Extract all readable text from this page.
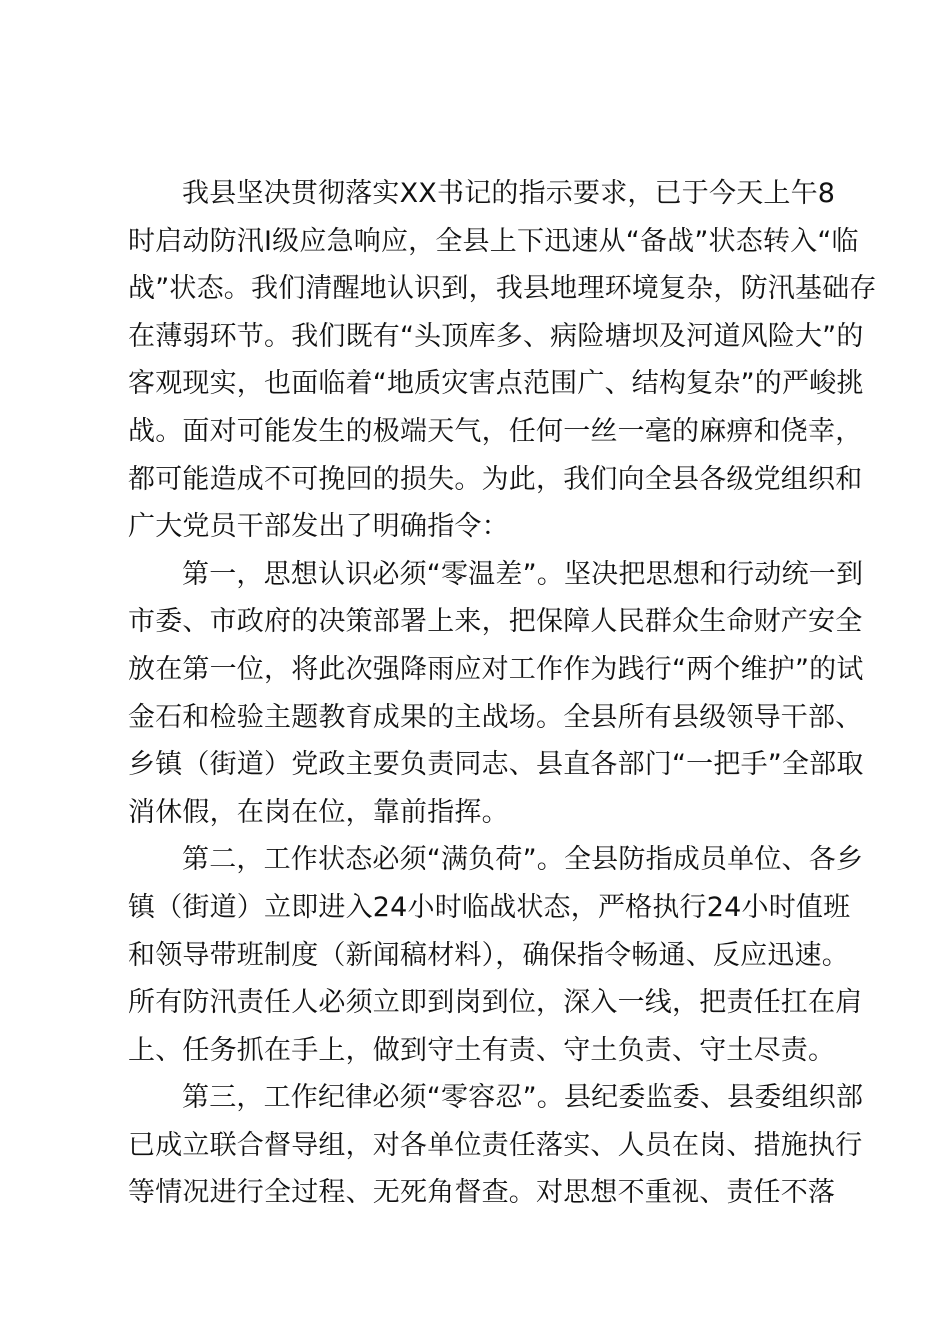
我县坚决贯彻落实XX书记的指示要求，已于今天上午8
时启动防汛Ⅰ级应急响应，全县上下迅速从“备战”状态转入“临
战”状态。我们清醒地认识到，我县地理环境复杂，防汛基础存
在薄弱环节。我们既有“头顶库多、病险塘坝及河道风险大”的
客观现实，也面临着“地质灾害点范围广、结构复杂”的严峻挑
战。面对可能发生的极端天气，任何一丝一毫的麻痹和侥幸，
都可能造成不可挽回的损失。为此，我们向全县各级党组织和
广大党员干部发出了明确指令：
第一，思想认识必须“零温差”。坚决把思想和行动统一到
市委、市政府的决策部署上来，把保障人民群众生命财产安全
放在第一位，将此次强降雨应对工作作为践行“两个维护”的试
金石和检验主题教育成果的主战场。全县所有县级领导干部、
乡镇（街道）党政主要负责同志、县直各部门“一把手”全部取
消休假，在岗在位，靠前指挥。
第二，工作状态必须“满负荷”。全县防指成员单位、各乡
镇（街道）立即进入24小时临战状态，严格执行24小时值班
和领导带班制度（新闻稿材料），确保指令畅通、反应迅速。
所有防汛责任人必须立即到岗到位，深入一线，把责任扛在肩
上、任务抓在手上，做到守土有责、守土负责、守土尽责。
第三，工作纪律必须“零容忍”。县纪委监委、县委组织部
已成立联合督导组，对各单位责任落实、人员在岗、措施执行
等情况进行全过程、无死角督查。对思想不重视、责任不落
